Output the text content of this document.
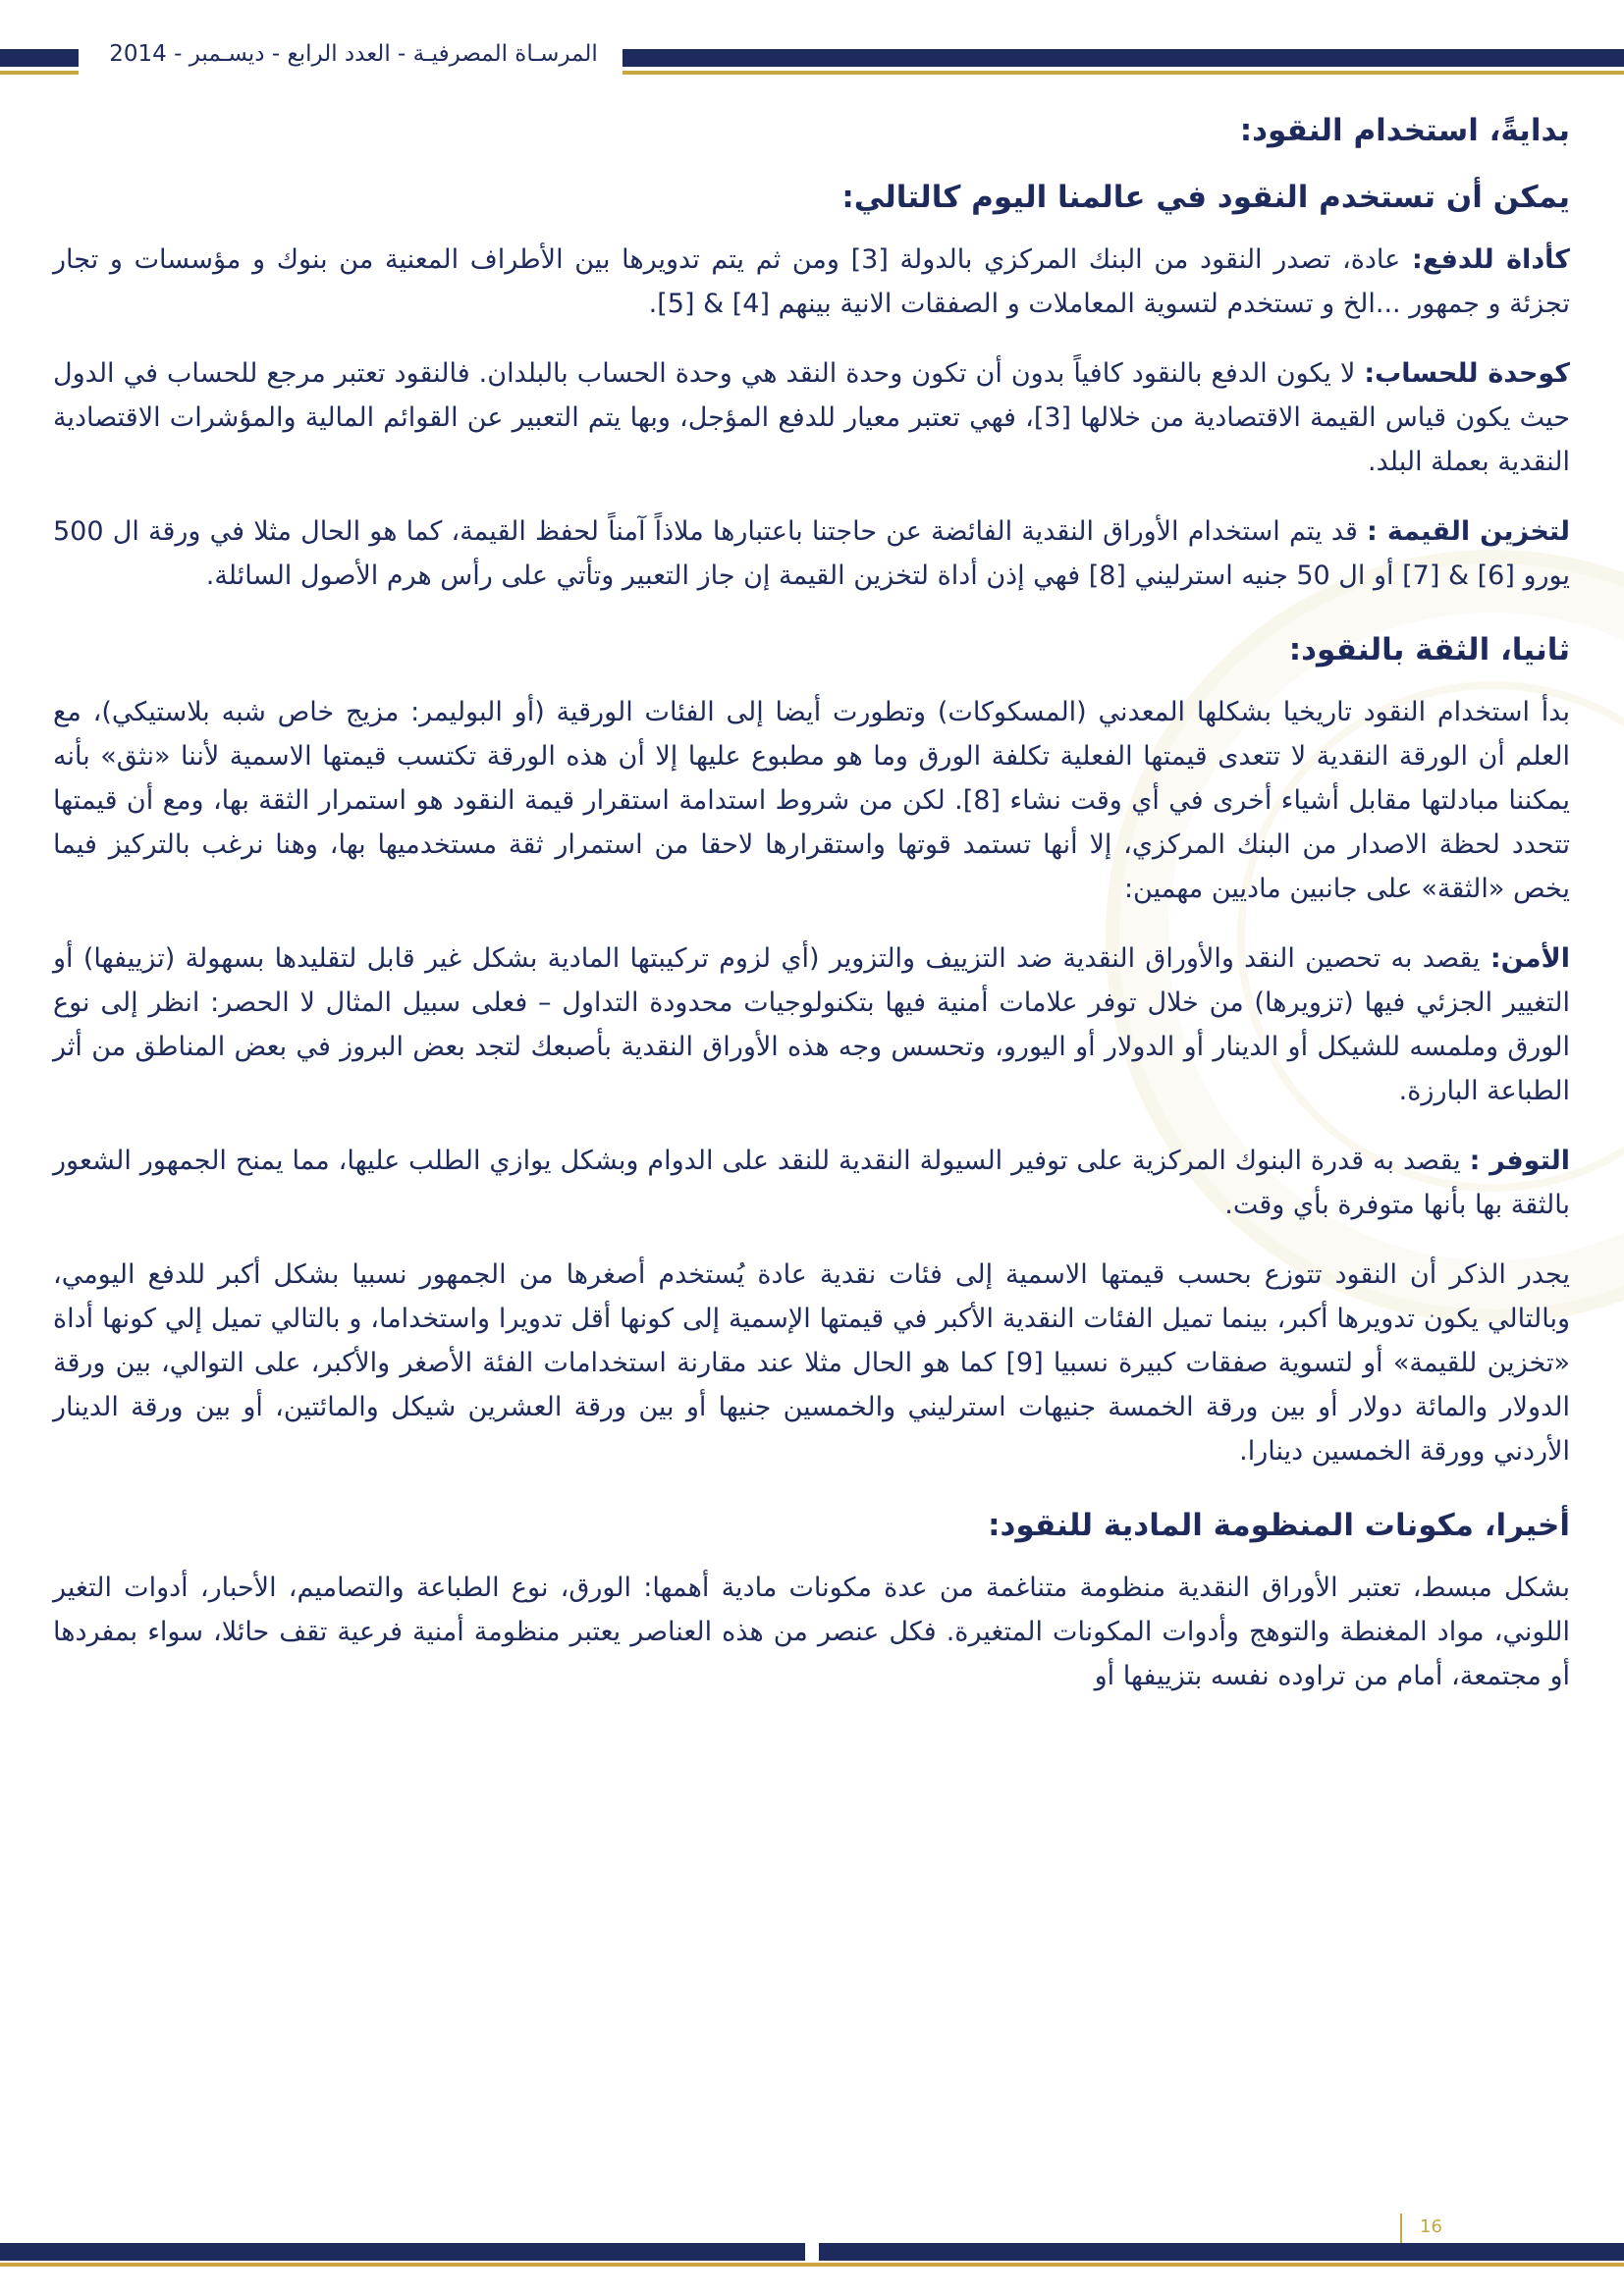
المرسـاة المصرفيـة - العدد الرابع - ديسـمبر - 2014
بدايةً، استخدام النقود:
يمكن أن تستخدم النقود في عالمنا اليوم كالتالي:

كأداة للدفع: عادة، تصدر النقود من البنك المركزي بالدولة [3] ومن ثم يتم تدويرها بين الأطراف المعنية من بنوك و مؤسسات و تجار تجزئة و جمهور ...الخ و تستخدم لتسوية المعاملات و الصفقات الانية بينهم [4] & [5].

كوحدة للحساب: لا يكون الدفع بالنقود كافياً بدون أن تكون وحدة النقد هي وحدة الحساب بالبلدان. فالنقود تعتبر مرجع للحساب في الدول حيث يكون قياس القيمة الاقتصادية من خلالها [3]، فهي تعتبر معيار للدفع المؤجل، وبها يتم التعبير عن القوائم المالية والمؤشرات الاقتصادية النقدية بعملة البلد.

لتخزين القيمة : قد يتم استخدام الأوراق النقدية الفائضة عن حاجتنا باعتبارها ملاذاً آمناً لحفظ القيمة، كما هو الحال مثلا في ورقة ال 500 يورو [6] & [7] أو ال 50 جنيه استرليني [8] فهي إذن أداة لتخزين القيمة إن جاز التعبير وتأتي على رأس هرم الأصول السائلة.

ثانيا، الثقة بالنقود:

بدأ استخدام النقود تاريخيا بشكلها المعدني (المسكوكات) وتطورت أيضا إلى الفئات الورقية (أو البوليمر: مزيج خاص شبه بلاستيكي)، مع العلم أن الورقة النقدية لا تتعدى قيمتها الفعلية تكلفة الورق وما هو مطبوع عليها إلا أن هذه الورقة تكتسب قيمتها الاسمية لأننا «نثق» بأنه يمكننا مبادلتها مقابل أشياء أخرى في أي وقت نشاء [8]. لكن من شروط استدامة استقرار قيمة النقود هو استمرار الثقة بها، ومع أن قيمتها تتحدد لحظة الاصدار من البنك المركزي، إلا أنها تستمد قوتها واستقرارها لاحقا من استمرار ثقة مستخدميها بها، وهنا نرغب بالتركيز فيما يخص «الثقة» على جانبين ماديين مهمين:

الأمن: يقصد به تحصين النقد والأوراق النقدية ضد التزييف والتزوير (أي لزوم تركيبتها المادية بشكل غير قابل لتقليدها بسهولة (تزييفها) أو التغيير الجزئي فيها (تزويرها) من خلال توفر علامات أمنية فيها بتكنولوجيات محدودة التداول – فعلى سبيل المثال لا الحصر: انظر إلى نوع الورق وملمسه للشيكل أو الدينار أو الدولار أو اليورو، وتحسس وجه هذه الأوراق النقدية بأصبعك لتجد بعض البروز في بعض المناطق من أثر الطباعة البارزة.

التوفر : يقصد به قدرة البنوك المركزية على توفير السيولة النقدية للنقد على الدوام وبشكل يوازي الطلب عليها، مما يمنح الجمهور الشعور بالثقة بها بأنها متوفرة بأي وقت.

يجدر الذكر أن النقود تتوزع بحسب قيمتها الاسمية إلى فئات نقدية عادة يُستخدم أصغرها من الجمهور نسبيا بشكل أكبر للدفع اليومي، وبالتالي يكون تدويرها أكبر، بينما تميل الفئات النقدية الأكبر في قيمتها الإسمية إلى كونها أقل تدويرا واستخداما، و بالتالي تميل إلي كونها أداة «تخزين للقيمة» أو لتسوية صفقات كبيرة نسبيا [9] كما هو الحال مثلا عند مقارنة استخدامات الفئة الأصغر والأكبر، على التوالي، بين ورقة الدولار والمائة دولار أو بين ورقة الخمسة جنيهات استرليني والخمسين جنيها أو بين ورقة العشرين شيكل والمائتين، أو بين ورقة الدينار الأردني وورقة الخمسين دينارا.

أخيرا، مكونات المنظومة المادية للنقود:

بشكل مبسط، تعتبر الأوراق النقدية منظومة متناغمة من عدة مكونات مادية أهمها: الورق، نوع الطباعة والتصاميم، الأحبار، أدوات التغير اللوني، مواد المغنطة والتوهج وأدوات المكونات المتغيرة. فكل عنصر من هذه العناصر يعتبر منظومة أمنية فرعية تقف حائلا، سواء بمفردها أو مجتمعة، أمام من تراوده نفسه بتزييفها أو

16
